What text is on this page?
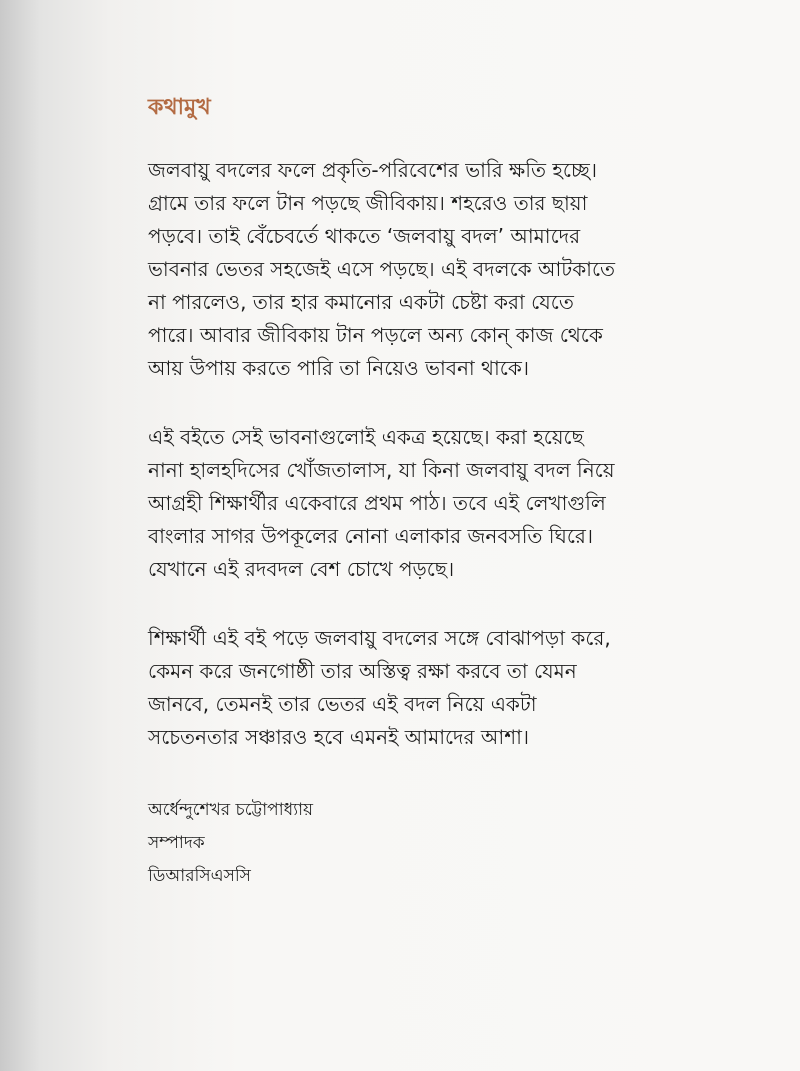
কথামুখ
জলবায়ু বদলের ফলে প্রকৃতি-পরিবেশের ভারি ক্ষতি হচ্ছে।
গ্রামে তার ফলে টান পড়ছে জীবিকায়। শহরেও তার ছায়া
পড়বে। তাই বেঁচেবর্তে থাকতে ‘জলবায়ু বদল’ আমাদের
ভাবনার ভেতর সহজেই এসে পড়ছে। এই বদলকে আটকাতে
না পারলেও, তার হার কমানোর একটা চেষ্টা করা যেতে
পারে। আবার জীবিকায় টান পড়লে অন্য কোন্ কাজ থেকে
আয় উপায় করতে পারি তা নিয়েও ভাবনা থাকে।
এই বইতে সেই ভাবনাগুলোই একত্র হয়েছে। করা হয়েছে
নানা হালহদিসের খোঁজতালাস, যা কিনা জলবায়ু বদল নিয়ে
আগ্রহী শিক্ষার্থীর একেবারে প্রথম পাঠ। তবে এই লেখাগুলি
বাংলার সাগর উপকূলের নোনা এলাকার জনবসতি ঘিরে।
যেখানে এই রদবদল বেশ চোখে পড়ছে।
শিক্ষার্থী এই বই পড়ে জলবায়ু বদলের সঙ্গে বোঝাপড়া করে,
কেমন করে জনগোষ্ঠী তার অস্তিত্ব রক্ষা করবে তা যেমন
জানবে, তেমনই তার ভেতর এই বদল নিয়ে একটা
সচেতনতার সঞ্চারও হবে এমনই আমাদের আশা।
অর্ধেন্দুশেখর চট্টোপাধ্যায়
সম্পাদক
ডিআরসিএসসি
